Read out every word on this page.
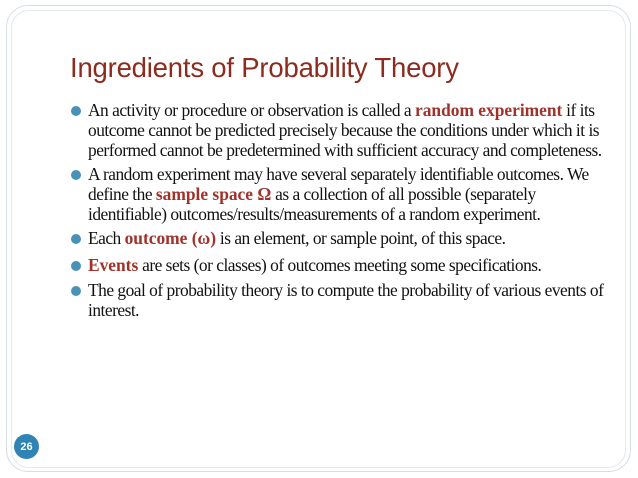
Ingredients of Probability Theory

An activity or procedure or observation is called a random experiment if its outcome cannot be predicted precisely because the conditions under which it is performed cannot be predetermined with sufficient accuracy and completeness.

A random experiment may have several separately identifiable outcomes. We define the sample space Ω as a collection of all possible (separately identifiable) outcomes/results/measurements of a random experiment.

Each outcome (ω) is an element, or sample point, of this space.

Events are sets (or classes) of outcomes meeting some specifications.

The goal of probability theory is to compute the probability of various events of interest.

26
